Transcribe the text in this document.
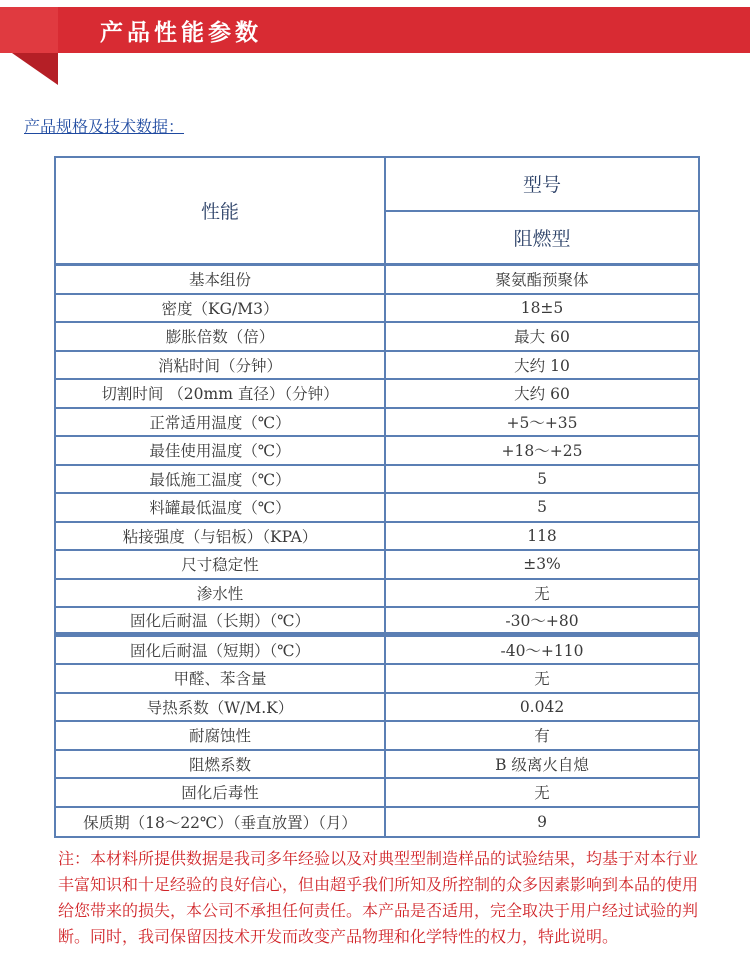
产品性能参数
产品规格及技术数据：
性能
型号
阻燃型
基本组份	聚氨酯预聚体
密度（KG/M3）	18±5
膨胀倍数（倍）	最大 60
消粘时间（分钟）	大约 10
切割时间 （20mm 直径）（分钟）	大约 60
正常适用温度（℃）	+5～+35
最佳使用温度（℃）	+18～+25
最低施工温度（℃）	5
料罐最低温度（℃）	5
粘接强度（与铝板）（KPA）	118
尺寸稳定性	±3%
渗水性	无
固化后耐温（长期）（℃）	-30～+80
固化后耐温（短期）（℃）	-40～+110
甲醛、苯含量	无
导热系数（W/M.K）	0.042
耐腐蚀性	有
阻燃系数	B 级离火自熄
固化后毒性	无
保质期（18～22℃）（垂直放置）（月）	9
注：本材料所提供数据是我司多年经验以及对典型型制造样品的试验结果，均基于对本行业丰富知识和十足经验的良好信心，但由超乎我们所知及所控制的众多因素影响到本品的使用给您带来的损失，本公司不承担任何责任。本产品是否适用，完全取决于用户经过试验的判断。同时，我司保留因技术开发而改变产品物理和化学特性的权力，特此说明。
